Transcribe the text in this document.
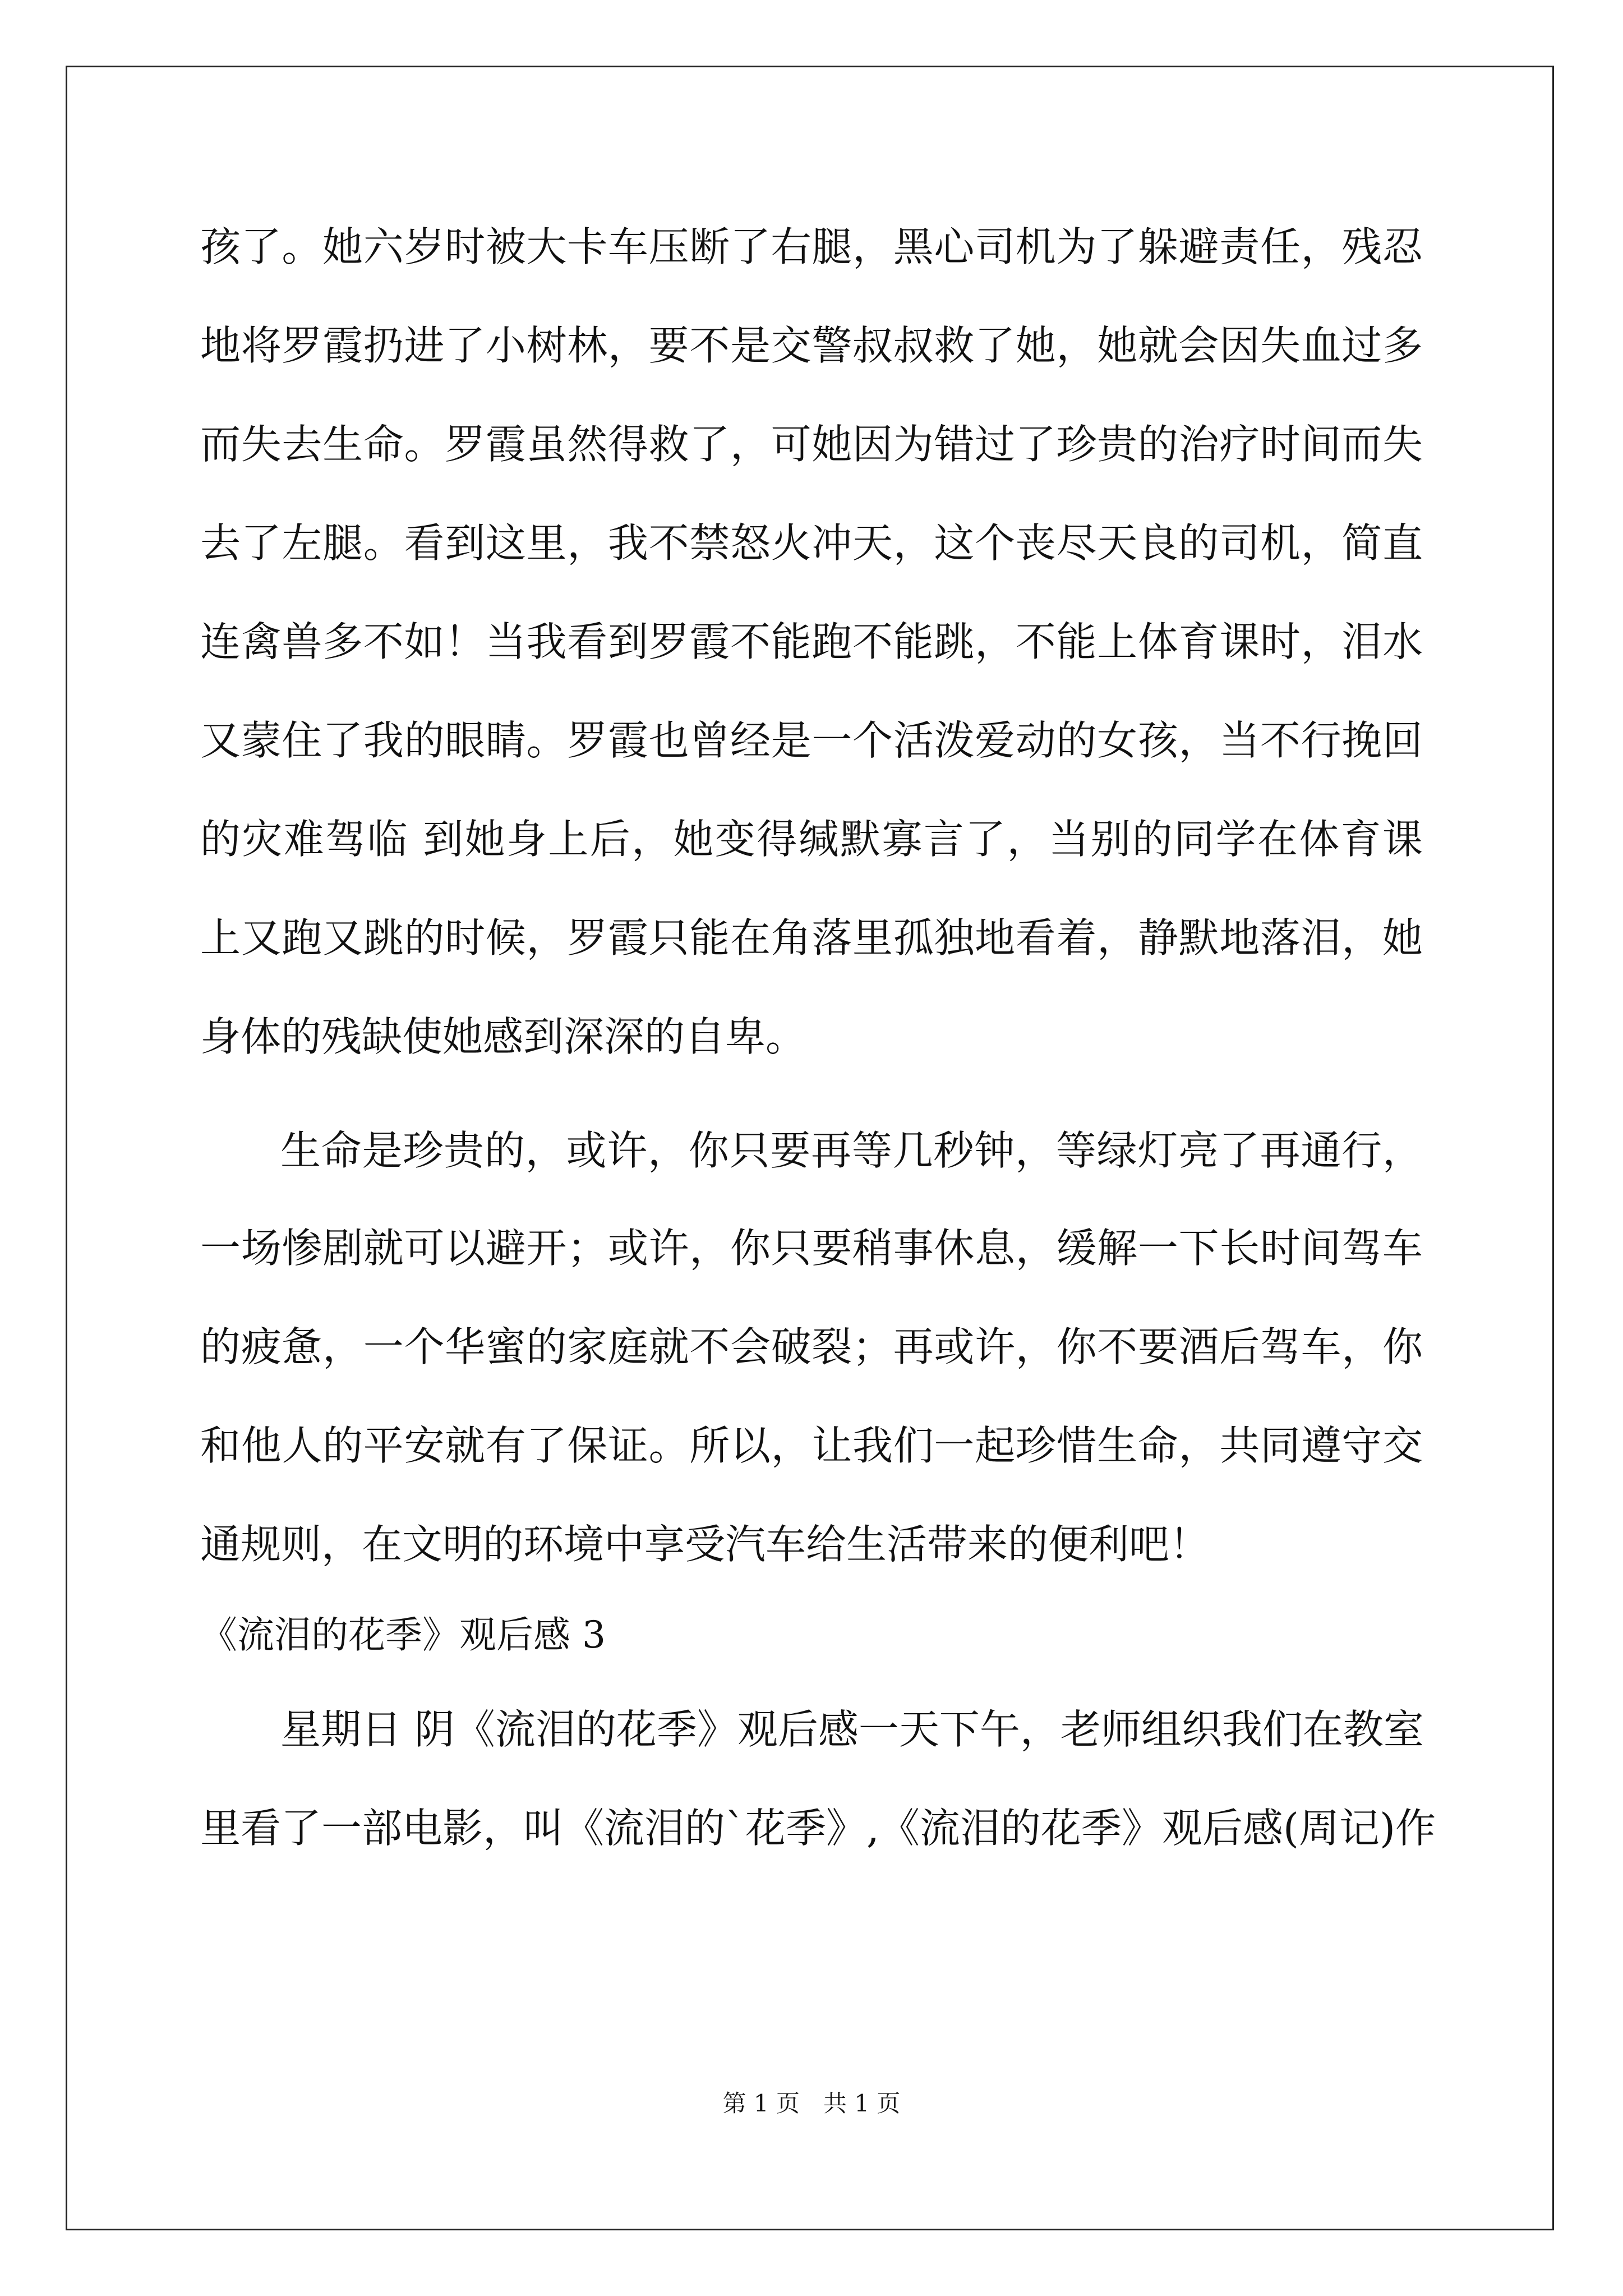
孩了。她六岁时被大卡车压断了右腿，黑心司机为了躲避责任，残忍
地将罗霞扔进了小树林，要不是交警叔叔救了她，她就会因失血过多
而失去生命。罗霞虽然得救了，可她因为错过了珍贵的治疗时间而失
去了左腿。看到这里，我不禁怒火冲天，这个丧尽天良的司机，简直
连禽兽多不如！当我看到罗霞不能跑不能跳，不能上体育课时，泪水
又蒙住了我的眼睛。罗霞也曾经是一个活泼爱动的女孩，当不行挽回
的灾难驾临 到她身上后，她变得缄默寡言了，当别的同学在体育课
上又跑又跳的时候，罗霞只能在角落里孤独地看着，静默地落泪，她
身体的残缺使她感到深深的自卑。
生命是珍贵的，或许，你只要再等几秒钟，等绿灯亮了再通行，
一场惨剧就可以避开；或许，你只要稍事休息，缓解一下长时间驾车
的疲惫，一个华蜜的家庭就不会破裂；再或许，你不要酒后驾车，你
和他人的平安就有了保证。所以，让我们一起珍惜生命，共同遵守交
通规则，在文明的环境中享受汽车给生活带来的便利吧！
《流泪的花季》观后感 3
星期日 阴《流泪的花季》观后感一天下午，老师组织我们在教室
里看了一部电影，叫《流泪的`花季》,《流泪的花季》观后感(周记)作
第 1 页　共 1 页
